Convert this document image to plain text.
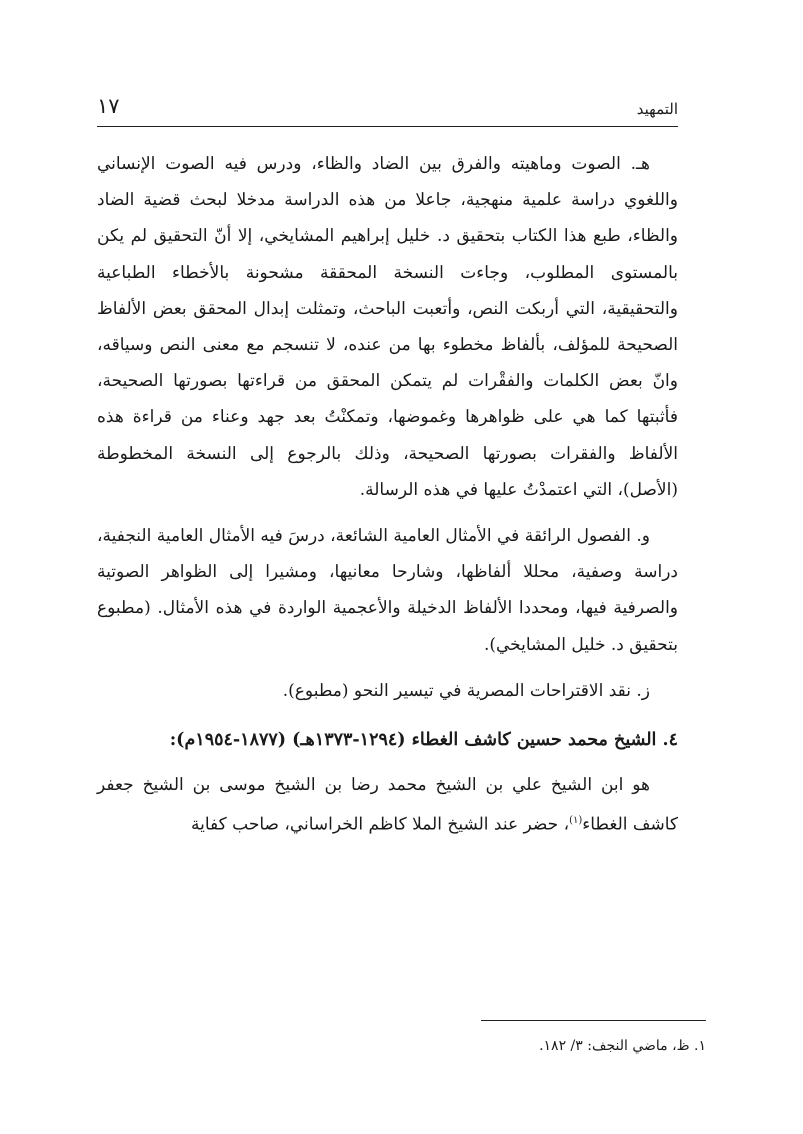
التمهيد
١٧

هـ. الصوت وماهيته والفرق بين الضاد والظاء، ودرس فيه الصوت الإنساني واللغوي دراسة علمية منهجية، جاعلا من هذه الدراسة مدخلا لبحث قضية الضاد والظاء، طبع هذا الكتاب بتحقيق د. خليل إبراهيم المشايخي، إلا أنّ التحقيق لم يكن بالمستوى المطلوب، وجاءت النسخة المحققة مشحونة بالأخطاء الطباعية والتحقيقية، التي أربكت النص، وأتعبت الباحث، وتمثلت إبدال المحقق بعض الألفاظ الصحيحة للمؤلف، بألفاظ مخطوء بها من عنده، لا تنسجم مع معنى النص وسياقه، وانّ بعض الكلمات والفقْرات لم يتمكن المحقق من قراءتها بصورتها الصحيحة، فأثبتها كما هي على ظواهرها وغموضها، وتمكنْتُ بعد جهد وعناء من قراءة هذه الألفاظ والفقرات بصورتها الصحيحة، وذلك بالرجوع إلى النسخة المخطوطة (الأصل)، التي اعتمدْتُ عليها في هذه الرسالة.

و. الفصول الرائقة في الأمثال العامية الشائعة، درسَ فيه الأمثال العامية النجفية، دراسة وصفية، محللا ألفاظها، وشارحا معانيها، ومشيرا إلى الظواهر الصوتية والصرفية فيها، ومحددا الألفاظ الدخيلة والأعجمية الواردة في هذه الأمثال. (مطبوع بتحقيق د. خليل المشايخي).

ز. نقد الاقتراحات المصرية في تيسير النحو (مطبوع).

٤. الشيخ محمد حسين كاشف الغطاء (١٢٩٤-١٣٧٣هـ) (١٨٧٧-١٩٥٤م):

هو ابن الشيخ علي بن الشيخ محمد رضا بن الشيخ موسى بن الشيخ جعفر كاشف الغطاء$^{(١)}$، حضر عند الشيخ الملا كاظم الخراساني، صاحب كفاية

١. ظ، ماضي النجف: ٣/ ١٨٢.
